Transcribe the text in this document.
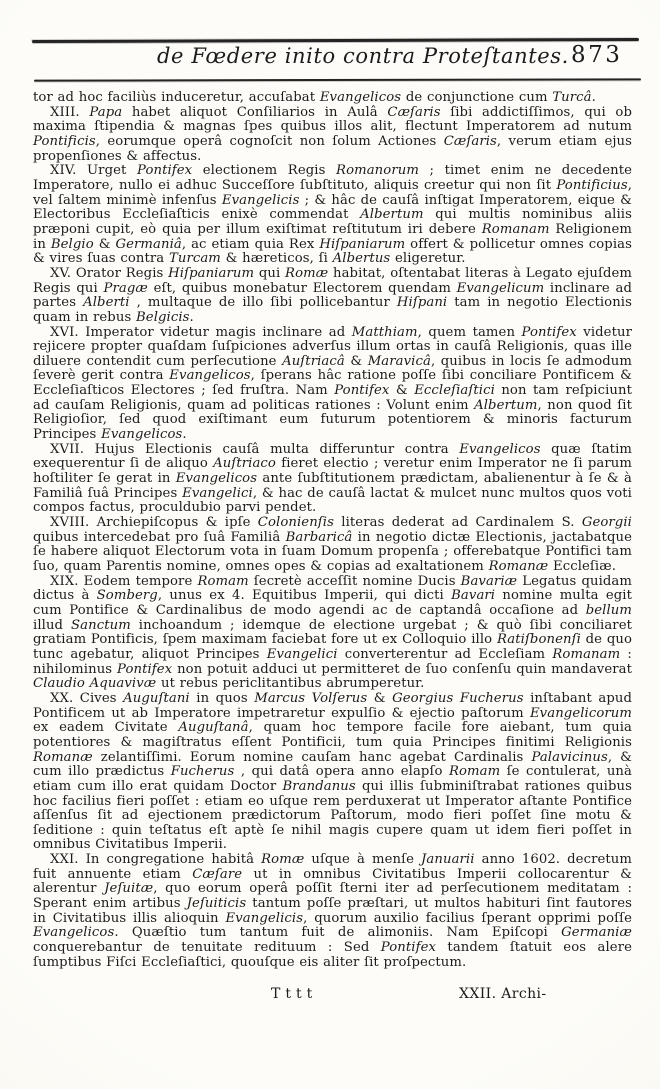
de Fœdere inito contra Proteſtantes. 873

tor ad hoc faciliùs induceretur, accuſabat Evangelicos de conjunctione cum Turcâ.

XIII. Papa habet aliquot Conſiliarios in Aulâ Cæſaris ſibi addictiſſimos, qui ob maxima ſtipendia & magnas ſpes quibus illos alit, flectunt Imperatorem ad nutum Pontificis, eorumque operâ cognoſcit non ſolum Actiones Cæſaris, verum etiam ejus propenſiones & affectus.

XIV. Urget Pontifex electionem Regis Romanorum ; timet enim ne decedente Imperatore, nullo ei adhuc Succeſſore ſubſtituto, aliquis creetur qui non ſit Pontificius, vel ſaltem minimè infenſus Evangelicis ; & hâc de cauſâ inſtigat Imperatorem, eique & Electoribus Eccleſiaſticis enixè commendat Albertum qui multis nominibus aliis præponi cupit, eò quia per illum exiſtimat reſtitutum iri debere Romanam Religionem in Belgio & Germaniâ, ac etiam quia Rex Hiſpaniarum offert & pollicetur omnes copias & vires ſuas contra Turcam & hæreticos, ſi Albertus eligeretur.

XV. Orator Regis Hiſpaniarum qui Romæ habitat, oſtentabat literas à Legato ejuſdem Regis qui Pragæ eſt, quibus monebatur Electorem quendam Evangelicum inclinare ad partes Alberti , multaque de illo ſibi pollicebantur Hiſpani tam in negotio Electionis quam in rebus Belgicis.

XVI. Imperator videtur magis inclinare ad Matthiam, quem tamen Pontifex videtur rejicere propter quaſdam ſuſpiciones adverſus illum ortas in cauſâ Religionis, quas ille diluere contendit cum perſecutione Auſtriacâ & Maravicâ, quibus in locis ſe admodum ſeverè gerit contra Evangelicos, ſperans hâc ratione poſſe ſibi conciliare Pontificem & Eccleſiaſticos Electores ; ſed fruſtra. Nam Pontifex & Eccleſiaſtici non tam reſpiciunt ad cauſam Religionis, quam ad politicas rationes : Volunt enim Albertum, non quod ſit Religioſior, ſed quod exiſtimant eum futurum potentiorem & minoris facturum Principes Evangelicos.

XVII. Hujus Electionis cauſâ multa differuntur contra Evangelicos quæ ſtatim exequerentur ſi de aliquo Auſtriaco fieret electio ; veretur enim Imperator ne ſi parum hoſtiliter ſe gerat in Evangelicos ante ſubſtitutionem prædictam, abalienentur à ſe & à Familiâ ſuâ Principes Evangelici, & hac de cauſâ lactat & mulcet nunc multos quos voti compos factus, proculdubio parvi pendet.

XVIII. Archiepiſcopus & ipſe Colonienſis literas dederat ad Cardinalem S. Georgii quibus intercedebat pro ſuâ Familiâ Barbaricâ in negotio dictæ Electionis, jactabatque ſe habere aliquot Electorum vota in ſuam Domum propenſa ; offerebatque Pontifici tam ſuo, quam Parentis nomine, omnes opes & copias ad exaltationem Romanæ Eccleſiæ.

XIX. Eodem tempore Romam ſecretè acceſſit nomine Ducis Bavariæ Legatus quidam dictus à Somberg, unus ex 4. Equitibus Imperii, qui dicti Bavari nomine multa egit cum Pontifice & Cardinalibus de modo agendi ac de captandâ occaſione ad bellum illud Sanctum inchoandum ; idemque de electione urgebat ; & quò ſibi conciliaret gratiam Pontificis, ſpem maximam faciebat fore ut ex Colloquio illo Ratiſbonenſi de quo tunc agebatur, aliquot Principes Evangelici converterentur ad Eccleſiam Romanam : nihilominus Pontifex non potuit adduci ut permitteret de ſuo conſenſu quin mandaverat Claudio Aquavivæ ut rebus periclitantibus abrumperetur.

XX. Cives Auguſtani in quos Marcus Volſerus & Georgius Fucherus inſtabant apud Pontificem ut ab Imperatore impetraretur expulſio & ejectio paſtorum Evangelicorum ex eadem Civitate Auguſtanâ, quam hoc tempore facile fore aiebant, tum quia potentiores & magiſtratus eſſent Pontificii, tum quia Principes finitimi Religionis Romanæ zelantiſſimi. Eorum nomine cauſam hanc agebat Cardinalis Palavicinus, & cum illo prædictus Fucherus , qui datâ opera anno elapſo Romam ſe contulerat, unà etiam cum illo erat quidam Doctor Brandanus qui illis ſubminiſtrabat rationes quibus hoc facilius fieri poſſet : etiam eo uſque rem perduxerat ut Imperator aſtante Pontifice aſſenſus ſit ad ejectionem prædictorum Paſtorum, modo fieri poſſet ſine motu & ſeditione : quin teſtatus eſt aptè ſe nihil magis cupere quam ut idem fieri poſſet in omnibus Civitatibus Imperii.

XXI. In congregatione habitâ Romæ uſque à menſe Januarii anno 1602. decretum fuit annuente etiam Cæſare ut in omnibus Civitatibus Imperii collocarentur & alerentur Jeſuitæ, quo eorum operâ poſſit ſterni iter ad perſecutionem meditatam : Sperant enim artibus Jeſuiticis tantum poſſe præſtari, ut multos habituri ſint fautores in Civitatibus illis alioquin Evangelicis, quorum auxilio facilius ſperant opprimi poſſe Evangelicos. Quæſtio tum tantum fuit de alimoniis. Nam Epiſcopi Germaniæ conquerebantur de tenuitate redituum : Sed Pontifex tandem ſtatuit eos alere ſumptibus Fiſci Eccleſiaſtici, quouſque eis aliter ſit proſpectum.

Tttt	XXII. Archi-
